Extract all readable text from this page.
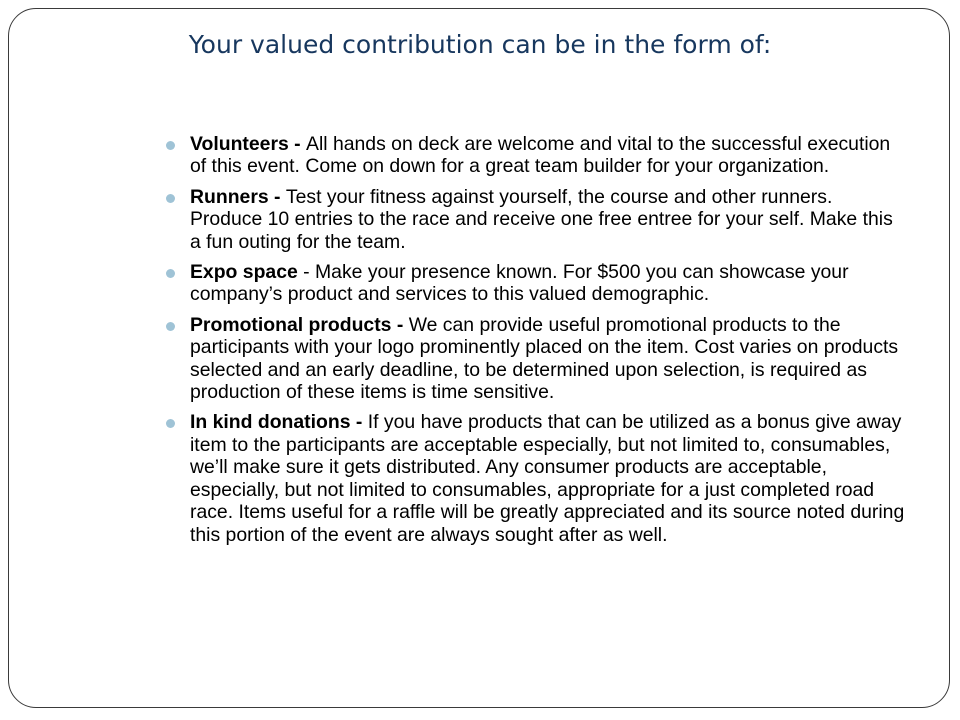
Your valued contribution can be in the form of:
Volunteers - All hands on deck are welcome and vital to the successful execution of this event. Come on down for a great team builder for your organization.
Runners - Test your fitness against yourself, the course and other runners. Produce 10 entries to the race and receive one free entree for your self. Make this a fun outing for the team.
Expo space - Make your presence known. For $500 you can showcase your company’s product and services to this valued demographic.
Promotional products - We can provide useful promotional products to the participants with your logo prominently placed on the item. Cost varies on products selected and an early deadline, to be determined upon selection, is required as production of these items is time sensitive.
In kind donations - If you have products that can be utilized as a bonus give away item to the participants are acceptable especially, but not limited to, consumables, we’ll make sure it gets distributed. Any consumer products are acceptable, especially, but not limited to consumables, appropriate for a just completed road race. Items useful for a raffle will be greatly appreciated and its source noted during this portion of the event are always sought after as well.
